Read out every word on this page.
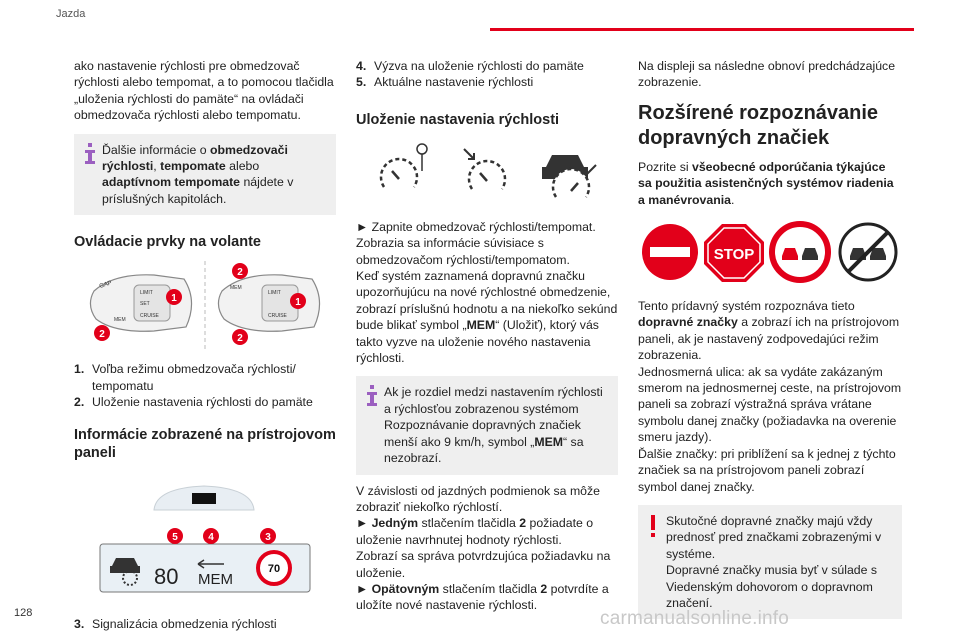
Jazda

ako nastavenie rýchlosti pre obmedzovač rýchlosti alebo tempomat, a to pomocou tlačidla „uloženia rýchlosti do pamäte“ na ovládači obmedzovača rýchlosti alebo tempomatu.

Ďalšie informácie o obmedzovači rýchlosti, tempomate alebo adaptívnom tempomate nájdete v príslušných kapitolách.
Ovládacie prvky na volante
GAP
LIMIT
SET
CRUISE
MEM
1
2
LIMIT
CRUISE
MEM
2
1
2
1. Voľba režimu obmedzovača rýchlosti/ tempomatu
2. Uloženie nastavenia rýchlosti do pamäte
Informácie zobrazené na prístrojovom paneli
5	4	3
80 MEM
70
3. Signalizácia obmedzenia rýchlosti
4. Výzva na uloženie rýchlosti do pamäte
5. Aktuálne nastavenie rýchlosti
Uloženie nastavenia rýchlosti

► Zapnite obmedzovač rýchlosti/tempomat.

Zobrazia sa informácie súvisiace s obmedzovačom rýchlosti/tempomatom.

Keď systém zaznamená dopravnú značku upozorňujúcu na nové rýchlostné obmedzenie, zobrazí príslušnú hodnotu a na niekoľko sekúnd bude blikať symbol „MEM“ (Uložiť), ktorý vás takto vyzve na uloženie nového nastavenia rýchlosti.

Ak je rozdiel medzi nastavením rýchlosti a rýchlosťou zobrazenou systémom Rozpoznávanie dopravných značiek menší ako 9 km/h, symbol „MEM“ sa nezobrazí.

V závislosti od jazdných podmienok sa môže zobraziť niekoľko rýchlostí.

► Jedným stlačením tlačidla 2 požiadate o uloženie navrhnutej hodnoty rýchlosti.

Zobrazí sa správa potvrdzujúca požiadavku na uloženie.

► Opätovným stlačením tlačidla 2 potvrdíte a uložíte nové nastavenie rýchlosti.

Na displeji sa následne obnoví predchádzajúce zobrazenie.

Rozšírené rozpoznávanie dopravných značiek

Pozrite si všeobecné odporúčania týkajúce sa použitia asistenčných systémov riadenia a manévrovania.

STOP

Tento prídavný systém rozpoznáva tieto dopravné značky a zobrazí ich na prístrojovom paneli, ak je nastavený zodpovedajúci režim zobrazenia.

Jednosmerná ulica: ak sa vydáte zakázaným smerom na jednosmernej ceste, na prístrojovom paneli sa zobrazí výstražná správa vrátane symbolu danej značky (požiadavka na overenie smeru jazdy).

Ďalšie značky: pri priblížení sa k jednej z týchto značiek sa na prístrojovom paneli zobrazí symbol danej značky.

Skutočné dopravné značky majú vždy prednosť pred značkami zobrazenými v systéme.

Dopravné značky musia byť v súlade s Viedenským dohovorom o dopravnom značení.

128	carmanualsonline.info
